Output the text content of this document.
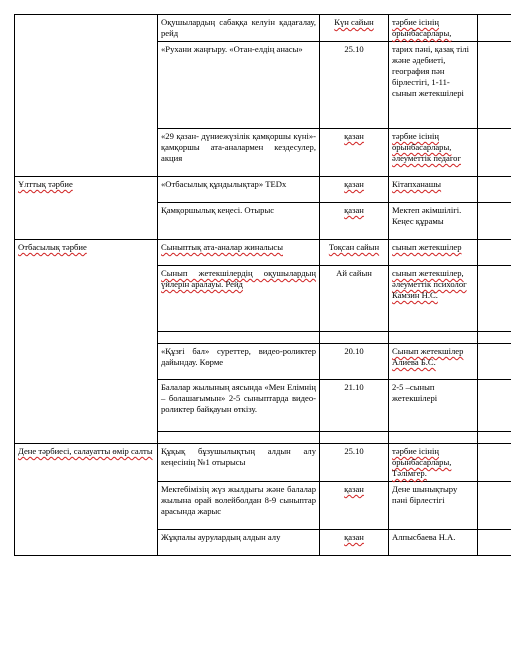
	Оқушылардың сабаққа келуін қадағалау, рейд	Күн сайын	тәрбие ісінің орынбасарлары,	
	«Рухани жаңғыру. «Отан-елдің анасы»	25.10	тарих пәні, қазақ тілі және әдебиеті, география пән бірлестігі, 1-11-сынып жетекшілері	
	«29 қазан- дүниежүзілік қамқоршы күні»- қамқоршы ата-аналармен кездесулер, акция	қазан	тәрбие ісінің орынбасарлары, әлеуметтік педагог	
Ұлттық тәрбие	«Отбасылық құндылықтар» TEDх	қазан	Кітапханашы	
	Қамқоршылық кеңесі. Отырыс	қазан	Мектеп әкімшілігі. Кеңес құрамы	
Отбасылық тәрбие	Сыныптық ата-аналар жиналысы	Тоқсан сайын	сынып жетекшілер	
	Сынып жетекшілердің оқушылардың үйлерін аралауы. Рейд	Ай сайын	сынып жетекшілер, әлеуметтік психолог Камзин Н.С.	

	«Құзғі бал» суреттер, видео-роликтер дайындау. Көрме	20.10	Сынып жетекшілер Алиева Б.С.	
	Балалар жылының аясында «Мен Елімнің – болашағымын» 2-5 сыныптарда видео-роликтер байқауын өткізу.	21.10	2-5 –сынып жетекшілері	

Дене тәрбиесі, салауатты өмір салты	Құқық бұзушылықтың алдын алу кеңесінің №1 отырысы	25.10	тәрбие ісінің орынбасарлары, Тәлімгер.	
	Мектебімізің жүз жылдығы және балалар жылына орай волейболдан 8-9 сыныптар арасында жарыс	қазан	Дене шынықтыру пәні бірлестігі	
	Жұқпалы аурулардың алдын алу	қазан	Алпысбаева Н.А.	
